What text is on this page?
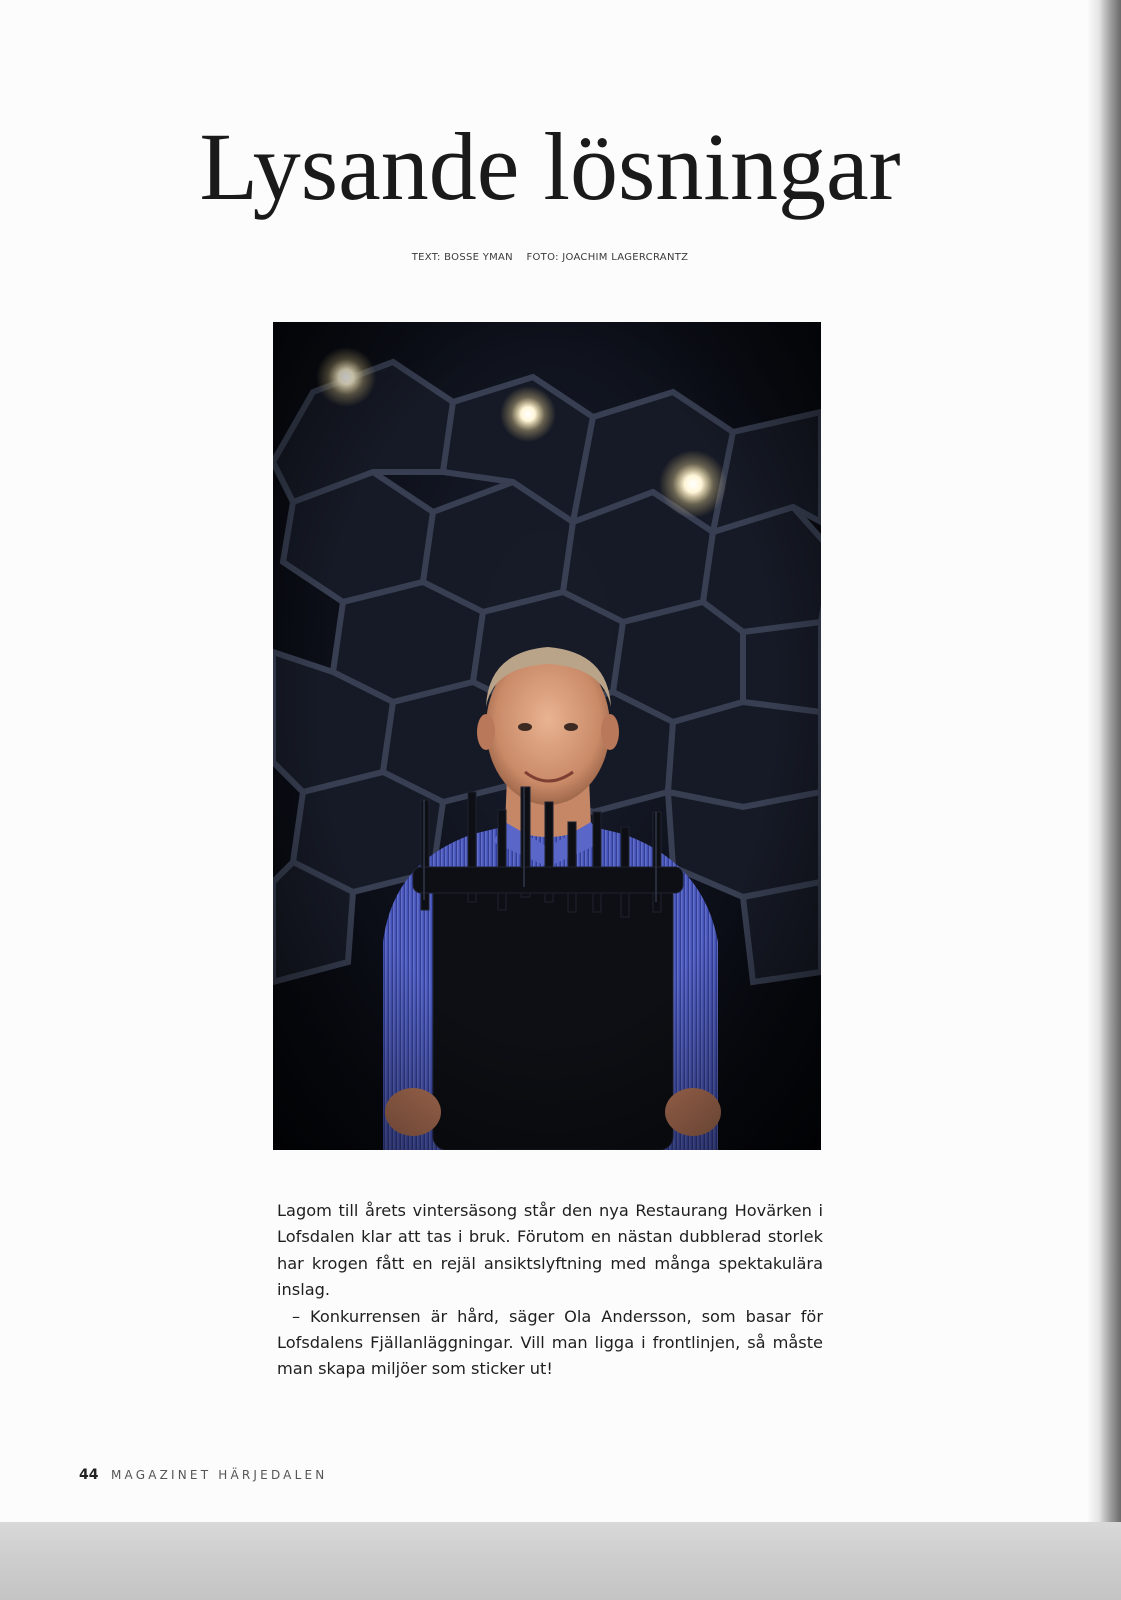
Lysande lösningar
TEXT: BOSSE YMAN FOTO: JOACHIM LAGERCRANTZ

Lagom till årets vintersäsong står den nya Restaurang Hovärken i Lofsdalen klar att tas i bruk. Förutom en nästan dubblerad storlek har krogen fått en rejäl ansiktslyftning med många spektakulära inslag.

– Konkurrensen är hård, säger Ola Andersson, som basar för Lofsdalens Fjällanläggningar. Vill man ligga i frontlinjen, så måste man skapa miljöer som sticker ut!

44 MAGAZINET HÄRJEDALEN
